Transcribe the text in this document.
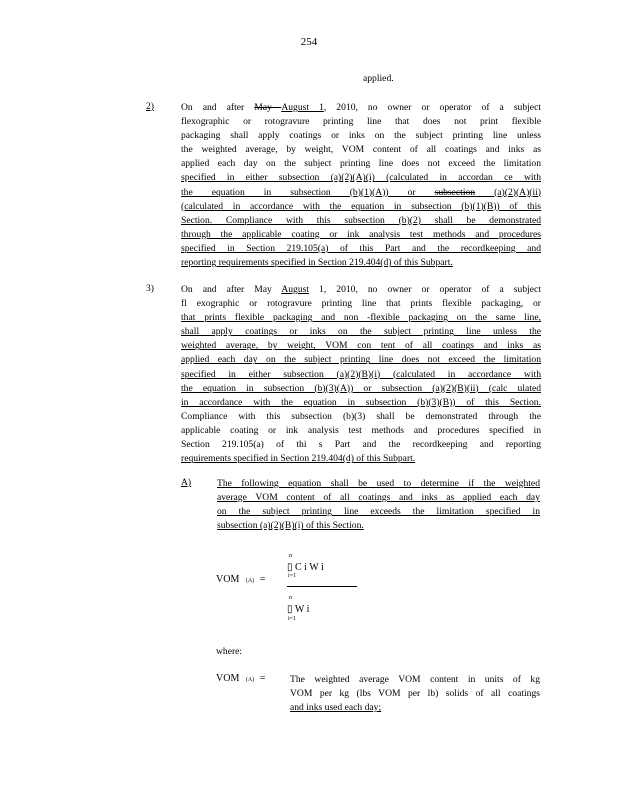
254
applied.
2)	On and after May August 1, 2010, no owner or operator of a subject
flexographic or rotogravure printing line that does not print flexible
packaging shall apply coatings or inks on the subject printing line unless
the weighted average, by weight, VOM content of all coatings and inks as
applied each day on the subject printing line does not exceed the limitation
specified in either subsection (a)(2)(A)(i) (calculated in accordan ce with
the equation in subsection (b)(1)(A)) or subsection (a)(2)(A)(ii)
(calculated in accordance with the equation in subsection (b)(1)(B)) of this
Section. Compliance with this subsection (b)(2) shall be demonstrated
through the applicable coating or ink analysis test methods and procedures
specified in Section 219.105(a) of this Part and the recordkeeping and
reporting requirements specified in Section 219.404(d) of this Subpart.
3)	On and after May August 1, 2010, no owner or operator of a subject
fl exographic or rotogravure printing line that prints flexible packaging, or
that prints flexible packaging and non -flexible packaging on the same line,
shall apply coatings or inks on the subject printing line unless the
weighted average, by weight, VOM con tent of all coatings and inks as
applied each day on the subject printing line does not exceed the limitation
specified in either subsection (a)(2)(B)(i) (calculated in accordance with
the equation in subsection (b)(3)(A)) or subsection (a)(2)(B)(ii) (calc ulated
in accordance with the equation in subsection (b)(3)(B)) of this Section.
Compliance with this subsection (b)(3) shall be demonstrated through the
applicable coating or ink analysis test methods and procedures specified in
Section 219.105(a) of thi s Part and the recordkeeping and reporting
requirements specified in Section 219.404(d) of this Subpart.
A)	The following equation shall be used to determine if the weighted
average VOM content of all coatings and inks as applied each day
on the subject printing line exceeds the limitation specified in
subsection (a)(2)(B)(i) of this Section.
VOM (A) =
n
▯ C i W i
i=1
n
▯ W i
i=1
where:
VOM (A) =	The weighted average VOM content in units of kg
VOM per kg (lbs VOM per lb) solids of all coatings
and inks used each day;
